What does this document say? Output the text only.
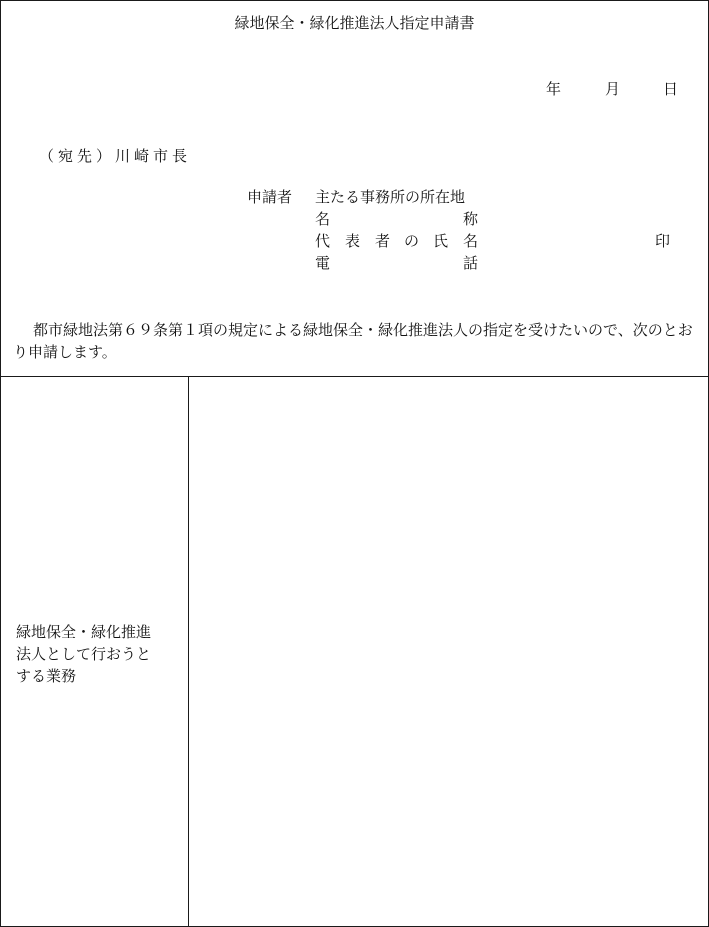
緑地保全・緑化推進法人指定申請書
年	月	日
（宛先）川崎市長
申請者 主たる事務所の所在地
名	称
代 表 者 の 氏 名
電	話
印
都市緑地法第６９条第１項の規定による緑地保全・緑化推進法人の指定を受けたいので、次のとおり申請します。
緑地保全・緑化推進
法人として行おうと
する業務
